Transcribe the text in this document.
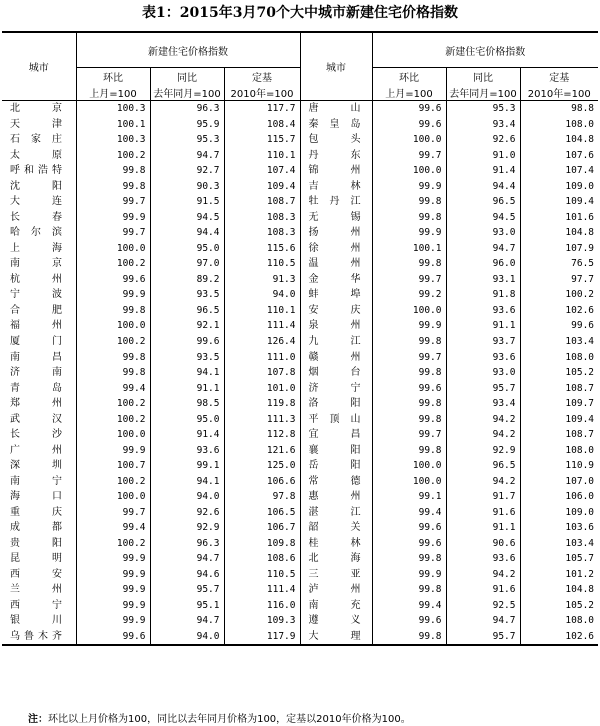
表1：2015年3月70个大中城市新建住宅价格指数
城市	新建住宅价格指数			城市	新建住宅价格指数		
	环比	同比	定基		环比	同比	定基
	上月=100	去年同月=100	2010年=100		上月=100	去年同月=100	2010年=100
北京	100.3	96.3	117.7	唐山	99.6	95.3	98.8
天津	100.1	95.9	108.4	秦皇岛	99.6	93.4	108.0
石家庄	100.3	95.3	115.7	包头	100.0	92.6	104.8
太原	100.2	94.7	110.1	丹东	99.7	91.0	107.6
呼和浩特	99.8	92.7	107.4	锦州	100.0	91.4	107.4
沈阳	99.8	90.3	109.4	吉林	99.9	94.4	109.0
大连	99.7	91.5	108.7	牡丹江	99.8	96.5	109.4
长春	99.9	94.5	108.3	无锡	99.8	94.5	101.6
哈尔滨	99.7	94.4	108.3	扬州	99.9	93.0	104.8
上海	100.0	95.0	115.6	徐州	100.1	94.7	107.9
南京	100.2	97.0	110.5	温州	99.8	96.0	76.5
杭州	99.6	89.2	91.3	金华	99.7	93.1	97.7
宁波	99.9	93.5	94.0	蚌埠	99.2	91.8	100.2
合肥	99.8	96.5	110.1	安庆	100.0	93.6	102.6
福州	100.0	92.1	111.4	泉州	99.9	91.1	99.6
厦门	100.2	99.6	126.4	九江	99.8	93.7	103.4
南昌	99.8	93.5	111.0	赣州	99.7	93.6	108.0
济南	99.8	94.1	107.8	烟台	99.8	93.0	105.2
青岛	99.4	91.1	101.0	济宁	99.6	95.7	108.7
郑州	100.2	98.5	119.8	洛阳	99.8	93.4	109.7
武汉	100.2	95.0	111.3	平顶山	99.8	94.2	109.4
长沙	100.0	91.4	112.8	宜昌	99.7	94.2	108.7
广州	99.9	93.6	121.6	襄阳	99.8	92.9	108.0
深圳	100.7	99.1	125.0	岳阳	100.0	96.5	110.9
南宁	100.2	94.1	106.6	常德	100.0	94.2	107.0
海口	100.0	94.0	97.8	惠州	99.1	91.7	106.0
重庆	99.7	92.6	106.5	湛江	99.4	91.6	109.0
成都	99.4	92.9	106.7	韶关	99.6	91.1	103.6
贵阳	100.2	96.3	109.8	桂林	99.6	90.6	103.4
昆明	99.9	94.7	108.6	北海	99.8	93.6	105.7
西安	99.9	94.6	110.5	三亚	99.9	94.2	101.2
兰州	99.9	95.7	111.4	泸州	99.8	91.6	104.8
西宁	99.9	95.1	116.0	南充	99.4	92.5	105.2
银川	99.9	94.7	109.3	遵义	99.6	94.7	108.0
乌鲁木齐	99.6	94.0	117.9	大理	99.8	95.7	102.6
注：环比以上月价格为100，同比以去年同月价格为100，定基以2010年价格为100。
